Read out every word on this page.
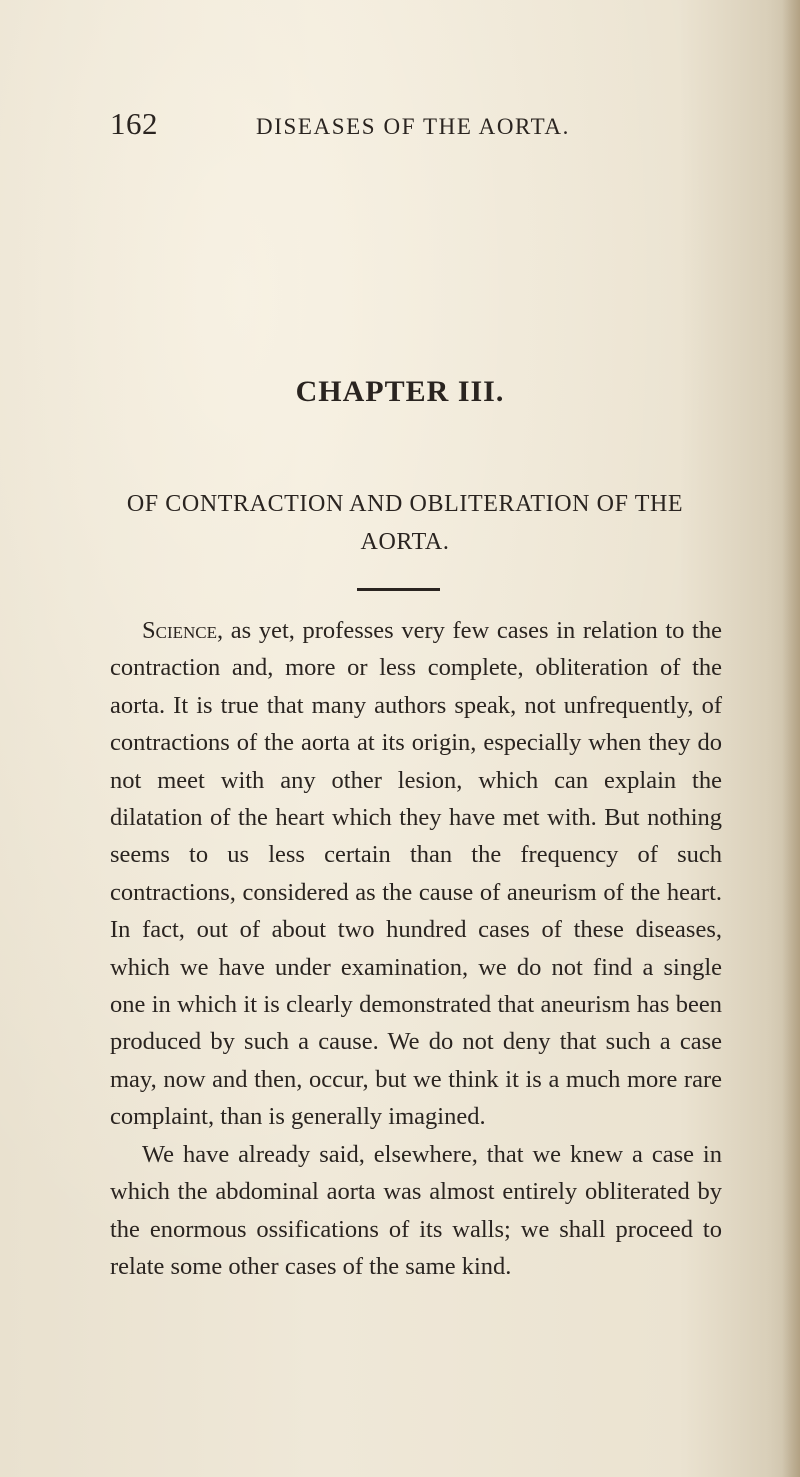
162	DISEASES OF THE AORTA.
CHAPTER III.
OF CONTRACTION AND OBLITERATION OF THE AORTA.

Science, as yet, professes very few cases in relation to the contraction and, more or less complete, obliteration of the aorta. It is true that many authors speak, not unfrequently, of contractions of the aorta at its origin, especially when they do not meet with any other lesion, which can explain the dilatation of the heart which they have met with. But nothing seems to us less certain than the frequency of such contractions, considered as the cause of aneurism of the heart. In fact, out of about two hundred cases of these diseases, which we have under examination, we do not find a single one in which it is clearly demonstrated that aneurism has been produced by such a cause. We do not deny that such a case may, now and then, occur, but we think it is a much more rare complaint, than is generally imagined.

We have already said, elsewhere, that we knew a case in which the abdominal aorta was almost entirely obliterated by the enormous ossifications of its walls; we shall proceed to relate some other cases of the same kind.
